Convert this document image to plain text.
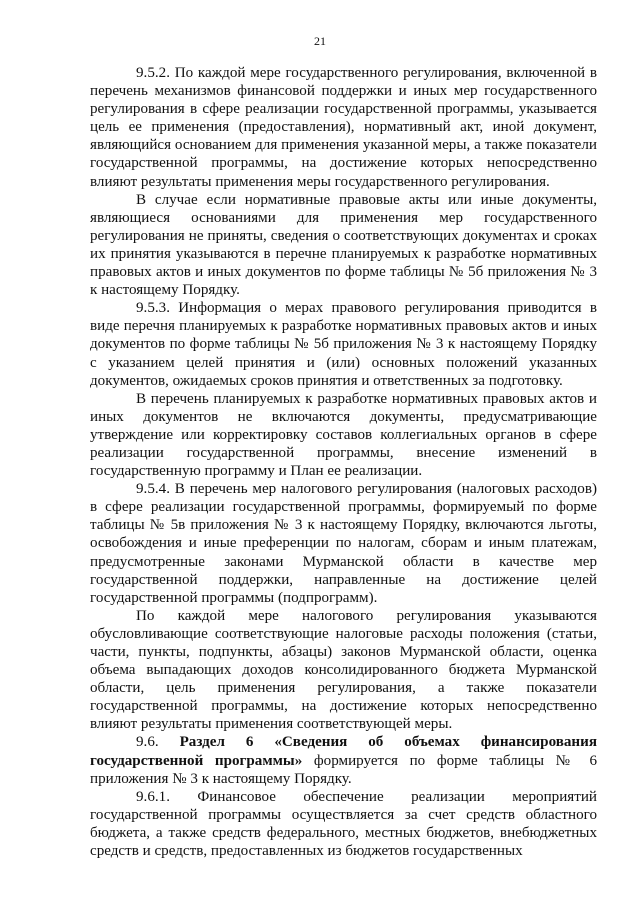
21

9.5.2. По каждой мере государственного регулирования, включенной в перечень механизмов финансовой поддержки и иных мер государственного регулирования в сфере реализации государственной программы, указывается цель ее применения (предоставления), нормативный акт, иной документ, являющийся основанием для применения указанной меры, а также показатели государственной программы, на достижение которых непосредственно влияют результаты применения меры государственного регулирования.

В случае если нормативные правовые акты или иные документы, являющиеся основаниями для применения мер государственного регулирования не приняты, сведения о соответствующих документах и сроках их принятия указываются в перечне планируемых к разработке нормативных правовых актов и иных документов по форме таблицы № 5б приложения № 3 к настоящему Порядку.

9.5.3. Информация о мерах правового регулирования приводится в виде перечня планируемых к разработке нормативных правовых актов и иных документов по форме таблицы № 5б приложения № 3 к настоящему Порядку с указанием целей принятия и (или) основных положений указанных документов, ожидаемых сроков принятия и ответственных за подготовку.

В перечень планируемых к разработке нормативных правовых актов и иных документов не включаются документы, предусматривающие утверждение или корректировку составов коллегиальных органов в сфере реализации государственной программы, внесение изменений в государственную программу и План ее реализации.

9.5.4. В перечень мер налогового регулирования (налоговых расходов) в сфере реализации государственной программы, формируемый по форме таблицы № 5в приложения № 3 к настоящему Порядку, включаются льготы, освобождения и иные преференции по налогам, сборам и иным платежам, предусмотренные законами Мурманской области в качестве мер государственной поддержки, направленные на достижение целей государственной программы (подпрограмм).

По каждой мере налогового регулирования указываются обусловливающие соответствующие налоговые расходы положения (статьи, части, пункты, подпункты, абзацы) законов Мурманской области, оценка объема выпадающих доходов консолидированного бюджета Мурманской области, цель применения регулирования, а также показатели государственной программы, на достижение которых непосредственно влияют результаты применения соответствующей меры.

9.6. Раздел 6 «Сведения об объемах финансирования государственной программы» формируется по форме таблицы № 6 приложения № 3 к настоящему Порядку.

9.6.1. Финансовое обеспечение реализации мероприятий государственной программы осуществляется за счет средств областного бюджета, а также средств федерального, местных бюджетов, внебюджетных средств и средств, предоставленных из бюджетов государственных
